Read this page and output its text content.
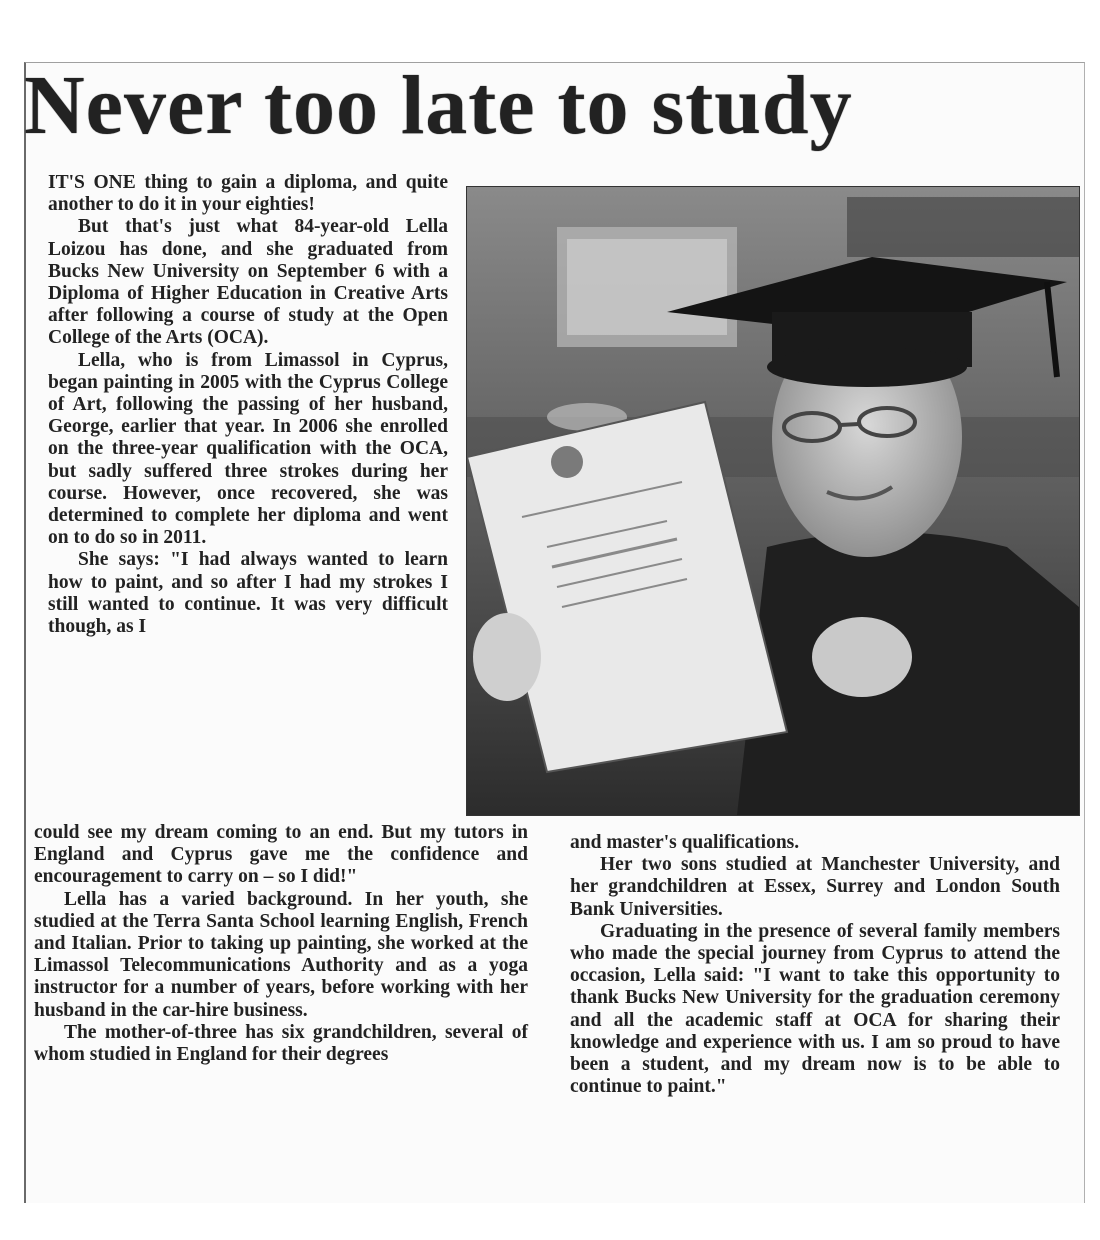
Never too late to study

IT'S ONE thing to gain a diploma, and quite another to do it in your eighties!

But that's just what 84-year-old Lella Loizou has done, and she graduated from Bucks New University on September 6 with a Diploma of Higher Education in Creative Arts after following a course of study at the Open College of the Arts (OCA).

Lella, who is from Limassol in Cyprus, began painting in 2005 with the Cyprus College of Art, following the passing of her husband, George, earlier that year. In 2006 she enrolled on the three-year qualification with the OCA, but sadly suffered three strokes during her course. However, once recovered, she was determined to complete her diploma and went on to do so in 2011.

She says: "I had always wanted to learn how to paint, and so after I had my strokes I still wanted to continue. It was very difficult though, as I

could see my dream coming to an end. But my tutors in England and Cyprus gave me the confidence and encouragement to carry on – so I did!"

Lella has a varied background. In her youth, she studied at the Terra Santa School learning English, French and Italian. Prior to taking up painting, she worked at the Limassol Telecommunications Authority and as a yoga instructor for a number of years, before working with her husband in the car-hire business.

The mother-of-three has six grandchildren, several of whom studied in England for their degrees

and master's qualifications.

Her two sons studied at Manchester University, and her grandchildren at Essex, Surrey and London South Bank Universities.

Graduating in the presence of several family members who made the special journey from Cyprus to attend the occasion, Lella said: "I want to take this opportunity to thank Bucks New University for the graduation ceremony and all the academic staff at OCA for sharing their knowledge and experience with us. I am so proud to have been a student, and my dream now is to be able to continue to paint."
